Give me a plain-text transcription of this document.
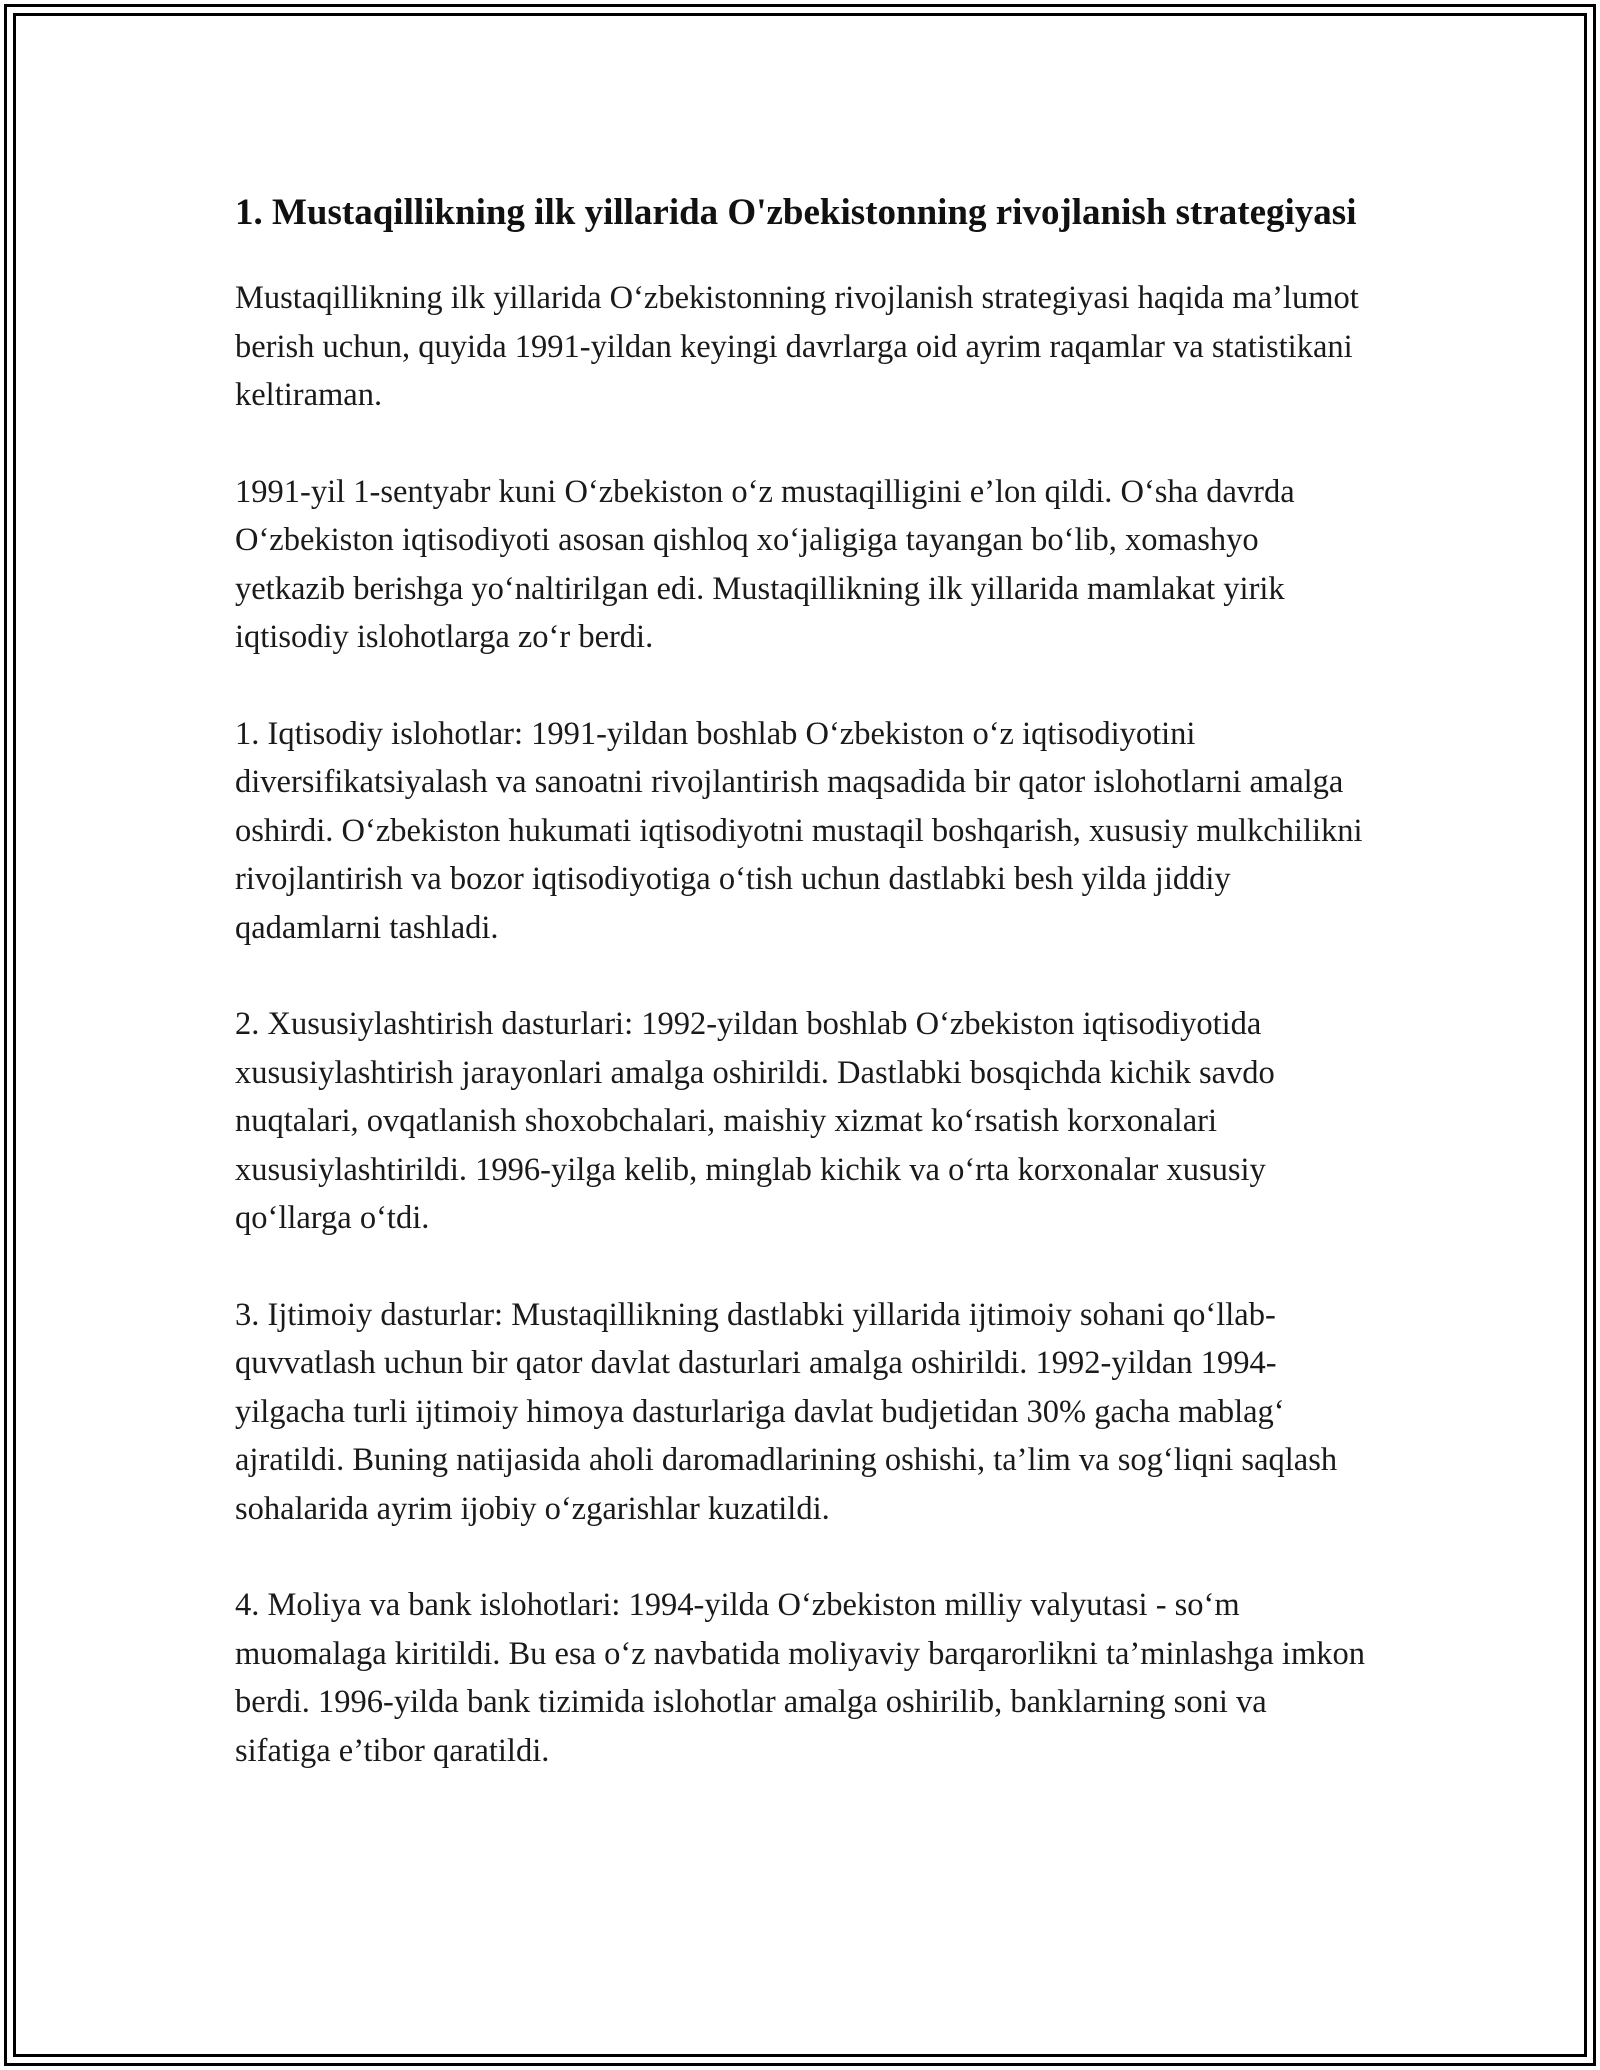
1. Mustaqillikning ilk yillarida O'zbekistonning rivojlanish strategiyasi

Mustaqillikning ilk yillarida O‘zbekistonning rivojlanish strategiyasi haqida ma’lumot berish uchun, quyida 1991-yildan keyingi davrlarga oid ayrim raqamlar va statistikani keltiraman.

1991-yil 1-sentyabr kuni O‘zbekiston o‘z mustaqilligini e’lon qildi. O‘sha davrda O‘zbekiston iqtisodiyoti asosan qishloq xo‘jaligiga tayangan bo‘lib, xomashyo yetkazib berishga yo‘naltirilgan edi. Mustaqillikning ilk yillarida mamlakat yirik iqtisodiy islohotlarga zo‘r berdi.

1. Iqtisodiy islohotlar: 1991-yildan boshlab O‘zbekiston o‘z iqtisodiyotini diversifikatsiyalash va sanoatni rivojlantirish maqsadida bir qator islohotlarni amalga oshirdi. O‘zbekiston hukumati iqtisodiyotni mustaqil boshqarish, xususiy mulkchilikni rivojlantirish va bozor iqtisodiyotiga o‘tish uchun dastlabki besh yilda jiddiy qadamlarni tashladi.

2. Xususiylashtirish dasturlari: 1992-yildan boshlab O‘zbekiston iqtisodiyotida xususiylashtirish jarayonlari amalga oshirildi. Dastlabki bosqichda kichik savdo nuqtalari, ovqatlanish shoxobchalari, maishiy xizmat ko‘rsatish korxonalari xususiylashtirildi. 1996-yilga kelib, minglab kichik va o‘rta korxonalar xususiy qo‘llarga o‘tdi.

3. Ijtimoiy dasturlar: Mustaqillikning dastlabki yillarida ijtimoiy sohani qo‘llab-quvvatlash uchun bir qator davlat dasturlari amalga oshirildi. 1992-yildan 1994-yilgacha turli ijtimoiy himoya dasturlariga davlat budjetidan 30% gacha mablag‘ ajratildi. Buning natijasida aholi daromadlarining oshishi, ta’lim va sog‘liqni saqlash sohalarida ayrim ijobiy o‘zgarishlar kuzatildi.

4. Moliya va bank islohotlari: 1994-yilda O‘zbekiston milliy valyutasi - so‘m muomalaga kiritildi. Bu esa o‘z navbatida moliyaviy barqarorlikni ta’minlashga imkon berdi. 1996-yilda bank tizimida islohotlar amalga oshirilib, banklarning soni va sifatiga e’tibor qaratildi.
